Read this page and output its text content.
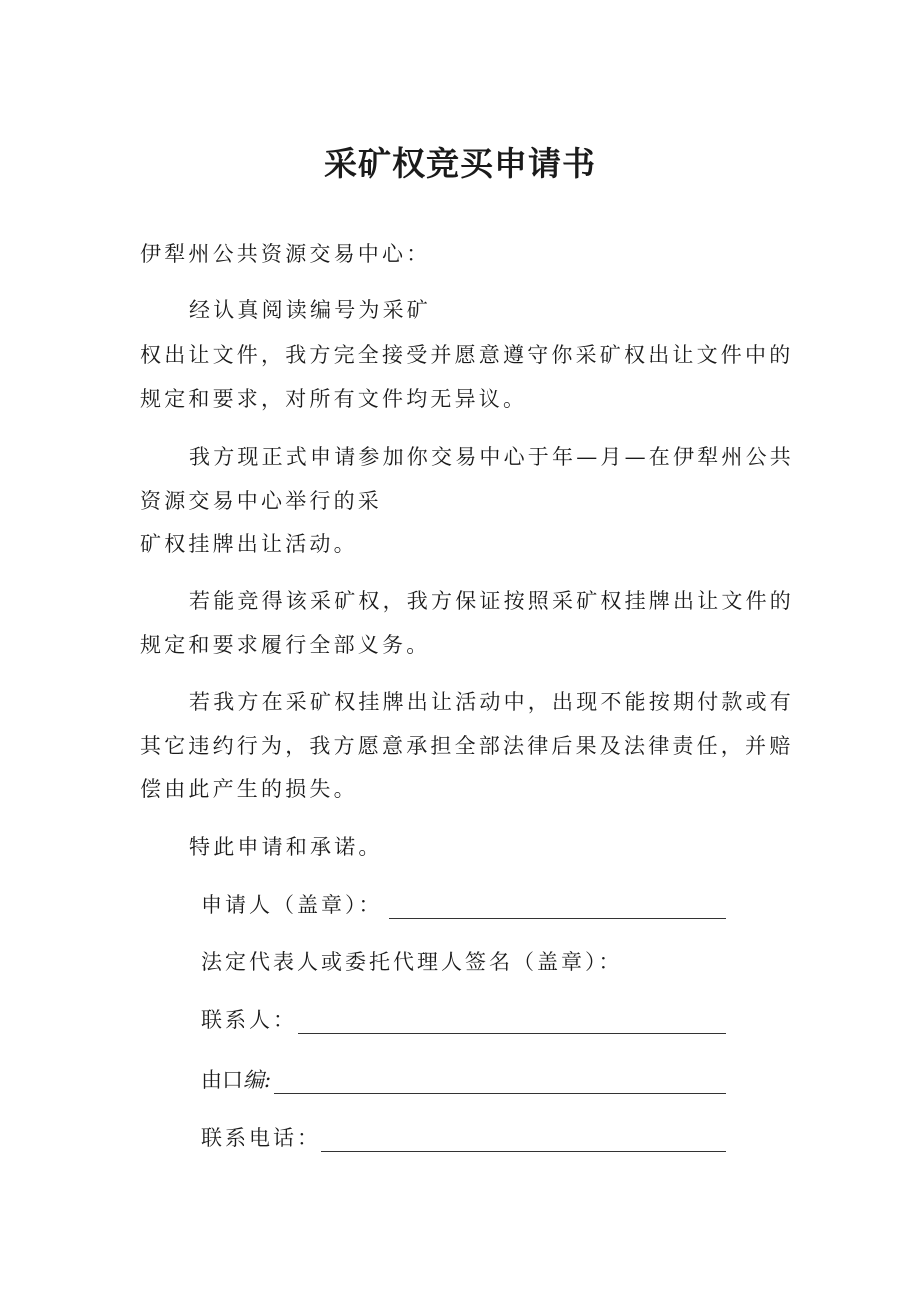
采矿权竞买申请书

伊犁州公共资源交易中心：

经认真阅读编号为采矿

权出让文件，我方完全接受并愿意遵守你采矿权出让文件中的

规定和要求，对所有文件均无异议。

我方现正式申请参加你交易中心于年—月—在伊犁州公共

资源交易中心举行的采

矿权挂牌出让活动。

若能竞得该采矿权，我方保证按照采矿权挂牌出让文件的

规定和要求履行全部义务。

若我方在采矿权挂牌出让活动中，出现不能按期付款或有

其它违约行为，我方愿意承担全部法律后果及法律责任，并赔

偿由此产生的损失。

特此申请和承诺。

申请人（盖章）：
法定代表人或委托代理人签名（盖章）：
联系人：
由口编:
联系电话：
